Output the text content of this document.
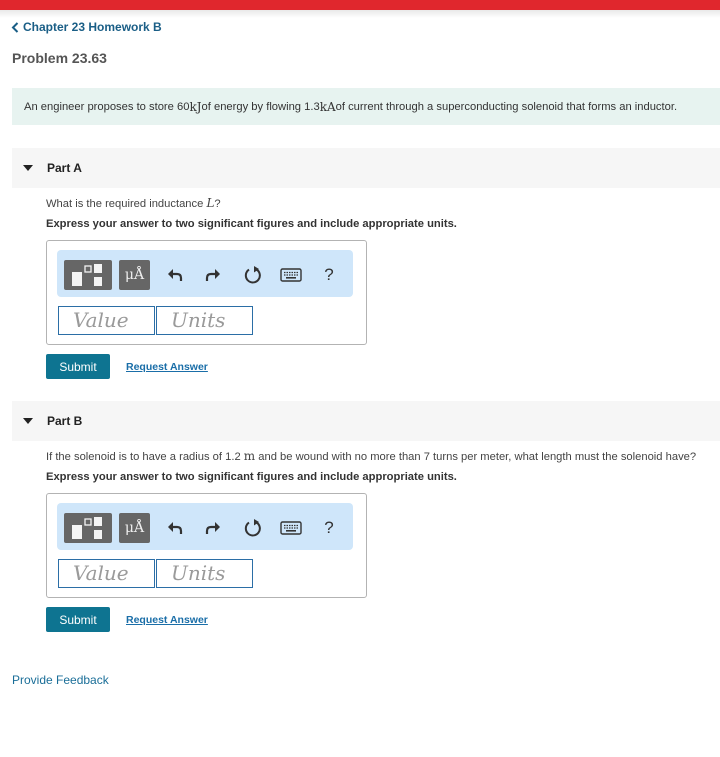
Chapter 23 Homework B
Problem 23.63
An engineer proposes to store 60 kJ of energy by flowing 1.3 kA of current through a superconducting solenoid that forms an inductor.
Part A
What is the required inductance L?
Express your answer to two significant figures and include appropriate units.
μÅ	?
Value	Units
Submit	Request Answer
Part B
If the solenoid is to have a radius of 1.2 m and be wound with no more than 7 turns per meter, what length must the solenoid have?
Express your answer to two significant figures and include appropriate units.
μÅ	?
Value	Units
Submit	Request Answer
Provide Feedback
